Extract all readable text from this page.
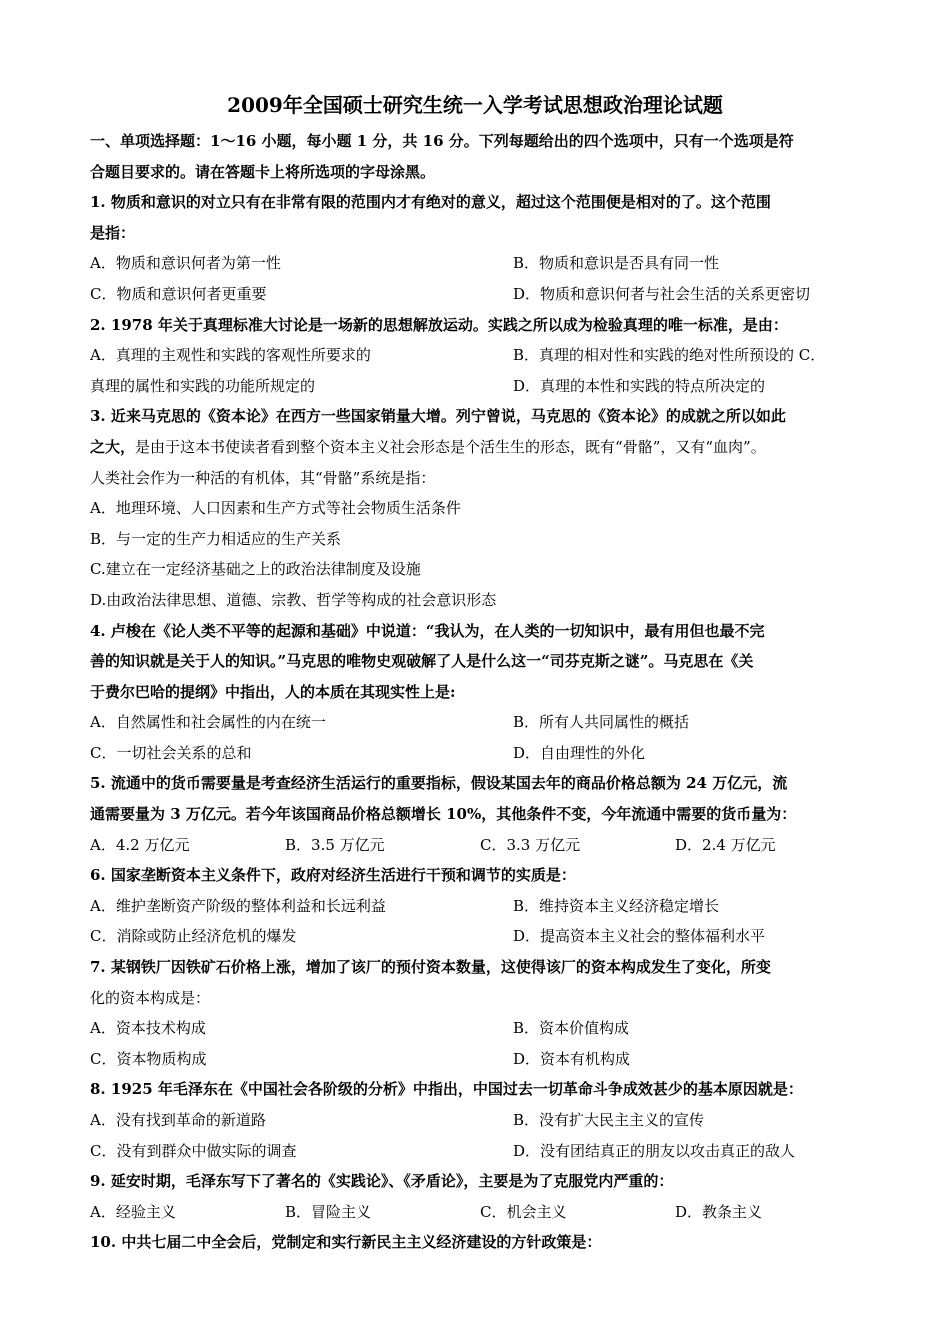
2009年全国硕士研究生统一入学考试思想政治理论试题
一、单项选择题：1～16 小题，每小题 1 分，共 16 分。下列每题给出的四个选项中，只有一个选项是符
合题目要求的。请在答题卡上将所选项的字母涂黑。
1. 物质和意识的对立只有在非常有限的范围内才有绝对的意义，超过这个范围便是相对的了。这个范围
是指：
A．物质和意识何者为第一性	B．物质和意识是否具有同一性
C．物质和意识何者更重要	D．物质和意识何者与社会生活的关系更密切
2. 1978 年关于真理标准大讨论是一场新的思想解放运动。实践之所以成为检验真理的唯一标准，是由：
A．真理的主观性和实践的客观性所要求的	B．真理的相对性和实践的绝对性所预设的 C．
真理的属性和实践的功能所规定的	D．真理的本性和实践的特点所决定的
3. 近来马克思的《资本论》在西方一些国家销量大增。列宁曾说，马克思的《资本论》的成就之所以如此
之大，是由于这本书使读者看到整个资本主义社会形态是个活生生的形态，既有“骨骼”，又有“血肉”。
人类社会作为一种活的有机体，其“骨骼”系统是指：
A．地理环境、人口因素和生产方式等社会物质生活条件
B．与一定的生产力相适应的生产关系
C.建立在一定经济基础之上的政治法律制度及设施
D.由政治法律思想、道德、宗教、哲学等构成的社会意识形态
4. 卢梭在《论人类不平等的起源和基础》中说道：“我认为，在人类的一切知识中，最有用但也最不完
善的知识就是关于人的知识。”马克思的唯物史观破解了人是什么这一“司芬克斯之谜”。马克思在《关
于费尔巴哈的提纲》中指出，人的本质在其现实性上是:
A．自然属性和社会属性的内在统一	B．所有人共同属性的概括
C．一切社会关系的总和	D．自由理性的外化
5. 流通中的货币需要量是考查经济生活运行的重要指标，假设某国去年的商品价格总额为 24 万亿元，流
通需要量为 3 万亿元。若今年该国商品价格总额增长 10%，其他条件不变，今年流通中需要的货币量为：
A．4.2 万亿元	B．3.5 万亿元	C．3.3 万亿元	D．2.4 万亿元
6. 国家垄断资本主义条件下，政府对经济生活进行干预和调节的实质是：
A．维护垄断资产阶级的整体利益和长远利益	B．维持资本主义经济稳定增长
C．消除或防止经济危机的爆发	D．提高资本主义社会的整体福利水平
7. 某钢铁厂因铁矿石价格上涨，增加了该厂的预付资本数量，这使得该厂的资本构成发生了变化，所变
化的资本构成是：
A．资本技术构成	B．资本价值构成
C．资本物质构成	D．资本有机构成
8. 1925 年毛泽东在《中国社会各阶级的分析》中指出，中国过去一切革命斗争成效甚少的基本原因就是：
A．没有找到革命的新道路	B．没有扩大民主主义的宣传
C．没有到群众中做实际的调查	D．没有团结真正的朋友以攻击真正的敌人
9. 延安时期，毛泽东写下了著名的《实践论》、《矛盾论》，主要是为了克服党内严重的：
A．经验主义	B．冒险主义	C．机会主义	D．教条主义
10. 中共七届二中全会后，党制定和实行新民主主义经济建设的方针政策是：
